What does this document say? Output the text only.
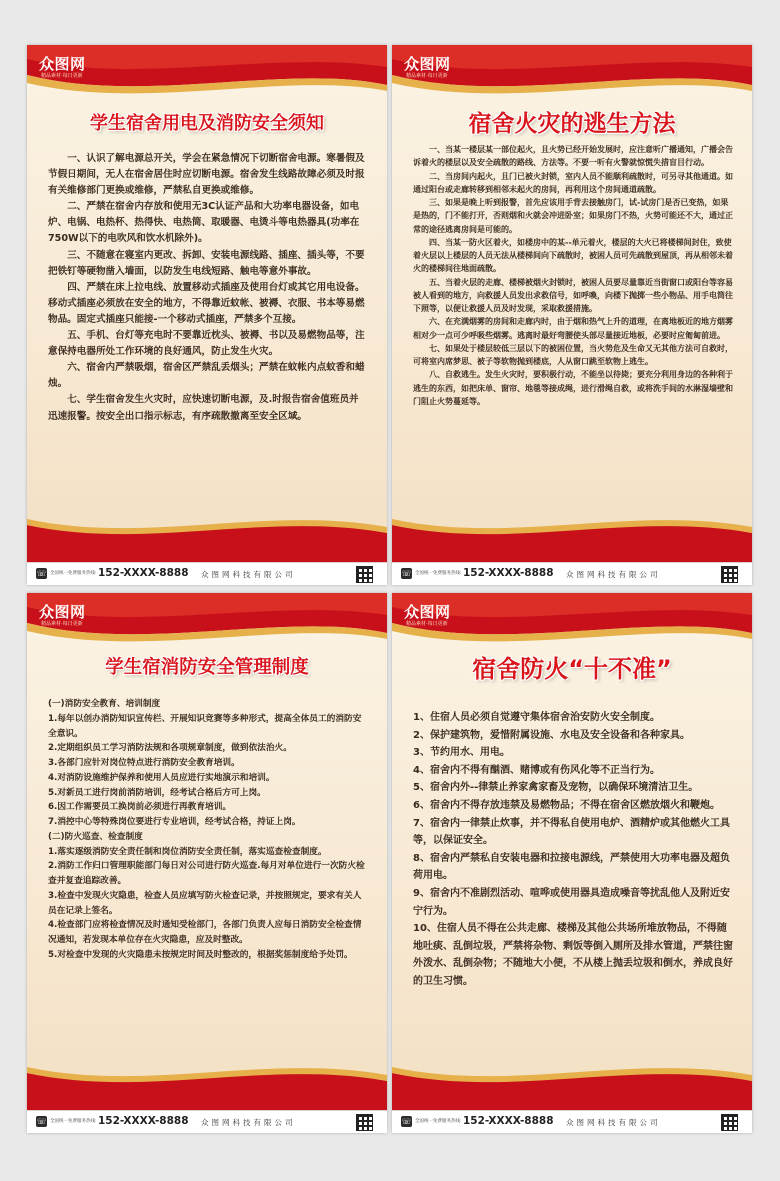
众图网
精品素材·每日更新
学生宿舍用电及消防安全须知

一、认识了解电源总开关，学会在紧急情况下切断宿舍电源。寒暑假及节假日期间，无人在宿舍居住时应切断电源。宿舍发生线路故障必须及时报有关维修部门更换或维修，严禁私自更换或维修。

二、严禁在宿舍内存放和使用无3C认证产品和大功率电器设备，如电炉、电锅、电热杯、热得快、电热筒、取暖器、电烫斗等电热器具(功率在750W以下的电吹风和饮水机除外)。

三、不随意在寝室内更改、拆卸、安装电源线路、插座、插头等，不要把铁钉等硬物凿入墙面，以防发生电线短路、触电等意外事故。

四、严禁在床上拉电线、放置移动式插座及使用台灯或其它用电设备。移动式插座必须放在安全的地方，不得靠近蚊帐、被褥、衣服、书本等易燃物品。固定式插座只能接-一个移动式插座，严禁多个互接。

五、手机、台灯等充电时不要靠近枕头、被褥、书以及易燃物品等，注意保持电器所处工作环境的良好通风，防止发生火灾。

六、宿舍内严禁吸烟，宿舍区严禁乱丢烟头；严禁在蚊帐内点蚊香和蜡烛。

七、学生宿舍发生火灾时，应快速切断电源，及.时报告宿舍值班员并迅速报警。按安全出口指示标志，有序疏散撤离至安全区域。

☏ 全国统一免费服务热线: 152-XXXX-8888 众图网科技有限公司
众图网
精品素材·每日更新
宿舍火灾的逃生方法

一、当某一楼层某一部位起火，且火势已经开始发展时，应注意听广播通知，广播会告诉着火的楼层以及安全疏散的路线、方法等。不要一听有火警就惊慌失措盲目行动。

二、当房间内起火，且门已被火封锁，室内人员不能顺利疏散时，可另寻其他通道。如通过阳台或走廊转移到相邻未起火的房间，再利用这个房间通道疏散。

三、如果是晚上听到报警，首先应该用手背去接触房门，试-试房门是否已变热，如果是热的，门不能打开，否则烟和火就会冲进卧室；如果房门不热，火势可能还不大，通过正常的途径逃离房间是可能的。

四、当某一防火区着火，如楼房中的某--单元着火，楼层的大火已将楼梯间封住，致使着火层以上楼层的人员无法从楼梯间向下疏散时，被困人员可先疏散到屋顶，再从相邻未着火的楼梯间往地面疏散。

五、当着火层的走廊、楼梯被烟火封锁时，被困人员要尽量靠近当街窗口或阳台等容易被人看到的地方，向救援人员发出求救信号，如呼喚，向楼下抛掷一些小物品、用手电筒往下照等，以便让救援人员及时发现，采取救援措施。

六、在充满烟雾的房间和走廊内时，由于烟和热气上升的道理，在离地板近的地方烟雾相对少一点可少呼吸些烟雾。逃离时最好弯腰使头部尽量接近地板，必要时应匍匐前进。

七、如果处于楼层较低三层以下的被困位置，当火势危及生命又无其他方法可自救时，可将室内席梦思、被子等软物抛到楼底，人从窗口跳至软物上逃生。

八、自救逃生。发生火灾时，要积极行动，不能坐以待毙；要充分利用身边的各种利于逃生的东西，如把床单、窗帘、地毯等接成绳，进行滑绳自救，或将洗手间的水淋湿墙壁和门阻止火势蔓延等。

☏ 全国统一免费服务热线: 152-XXXX-8888 众图网科技有限公司
众图网
精品素材·每日更新
学生宿消防安全管理制度

(一)消防安全教育、培训制度

1.每年以创办消防知识宣传栏、开展知识竞赛等多种形式，提高全体员工的消防安全意识。

2.定期组织员工学习消防法规和各项规章制度，做到依法治火。

3.各部门应针对岗位特点进行消防安全教育培训。

4.对消防设施维护保养和使用人员应进行实地演示和培训。

5.对新员工进行岗前消防培训，经考试合格后方可上岗。

6.因工作需要员工换岗前必须进行再教育培训。

7.消控中心等特殊岗位要进行专业培训，经考试合格，持证上岗。

(二)防火巡查、检查制度

1.落实逐级消防安全责任制和岗位消防安全责任制，落实巡查检查制度。

2.消防工作归口管理职能部门每日对公司进行防火巡查.每月对单位进行一次防火检查并复查追踪改善。

3.检查中发现火灾隐患，检查人员应填写防火检查记录，并按照规定，要求有关人员在记录上签名。

4.检查部门应将检查情况及时通知受检部门，各部门负责人应每日消防安全检查情况通知，若发现本单位存在火灾隐患，应及时整改。

5.对检查中发现的火灾隐患未按规定时间及时整改的，根据奖惩制度给予处罚。

☏ 全国统一免费服务热线: 152-XXXX-8888 众图网科技有限公司
众图网
精品素材·每日更新
宿舍防火“十不准”

1、住宿人员必须自觉遵守集体宿舍治安防火安全制度。

2、保护建筑物，爱惜附属设施、水电及安全设备和各种家具。

3、节约用水、用电。

4、宿舍内不得有酗酒、赌博或有伤风化等不正当行为。

5、宿舍内外--律禁止养家禽家畜及宠物，以确保环境清洁卫生。

6、宿舍内不得存放违禁及易燃物品；不得在宿舍区燃放烟火和鞭炮。

7、宿舍内一律禁止炊事，并不得私自使用电炉、酒精炉或其他燃火工具等，以保证安全。

8、宿舍内严禁私自安装电器和拉接电源线，严禁使用大功率电器及超负荷用电。

9、宿舍内不准剧烈活动、喧哗或使用器具造成噪音等扰乱他人及附近安宁行为。

10、住宿人员不得在公共走廊、楼梯及其他公共场所堆放物品，不得随地吐痰、乱倒垃圾，严禁将杂物、剩饭等倒入厕所及排水管道，严禁往窗外泼水、乱倒杂物；不随地大小便，不从楼上抛丢垃圾和倒水，养成良好的卫生习惯。

☏ 全国统一免费服务热线: 152-XXXX-8888 众图网科技有限公司
